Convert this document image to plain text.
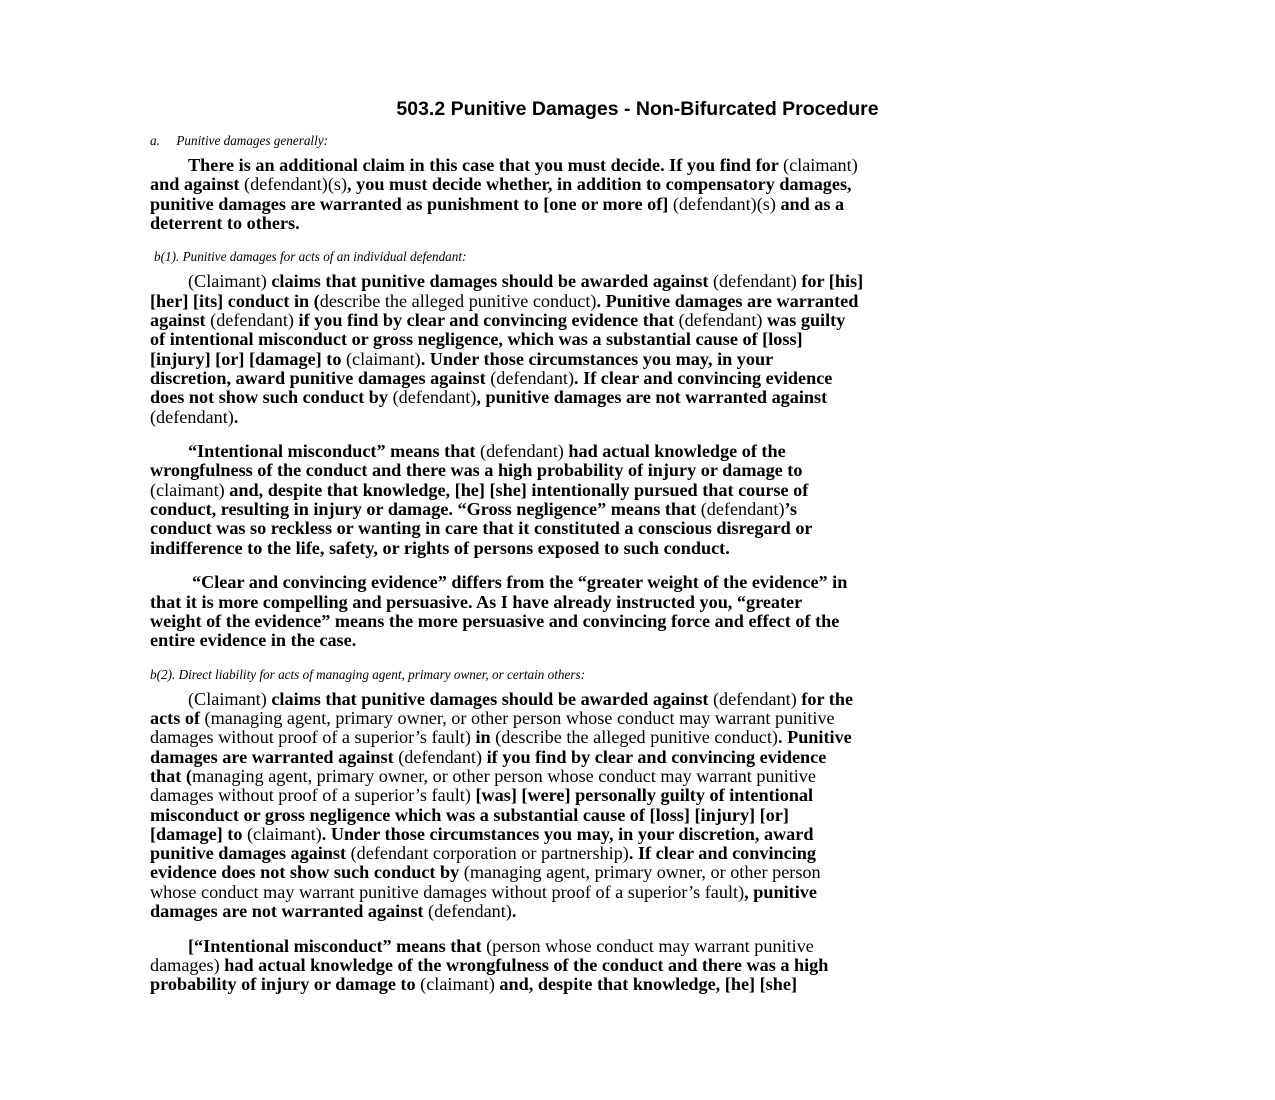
503.2 Punitive Damages - Non-Bifurcated Procedure
a.     Punitive damages generally:
There is an additional claim in this case that you must decide. If you find for (claimant)
and against (defendant)(s), you must decide whether, in addition to compensatory damages,
punitive damages are warranted as punishment to [one or more of] (defendant)(s) and as a
deterrent to others.
b(1). Punitive damages for acts of an individual defendant:
(Claimant) claims that punitive damages should be awarded against (defendant) for [his]
[her] [its] conduct in (describe the alleged punitive conduct). Punitive damages are warranted
against (defendant) if you find by clear and convincing evidence that (defendant) was guilty
of intentional misconduct or gross negligence, which was a substantial cause of [loss]
[injury] [or] [damage] to (claimant). Under those circumstances you may, in your
discretion, award punitive damages against (defendant). If clear and convincing evidence
does not show such conduct by (defendant), punitive damages are not warranted against
(defendant).
“Intentional misconduct” means that (defendant) had actual knowledge of the
wrongfulness of the conduct and there was a high probability of injury or damage to
(claimant) and, despite that knowledge, [he] [she] intentionally pursued that course of
conduct, resulting in injury or damage. “Gross negligence” means that (defendant)’s
conduct was so reckless or wanting in care that it constituted a conscious disregard or
indifference to the life, safety, or rights of persons exposed to such conduct.
“Clear and convincing evidence” differs from the “greater weight of the evidence” in
that it is more compelling and persuasive. As I have already instructed you, “greater
weight of the evidence” means the more persuasive and convincing force and effect of the
entire evidence in the case.
b(2). Direct liability for acts of managing agent, primary owner, or certain others:
(Claimant) claims that punitive damages should be awarded against (defendant) for the
acts of (managing agent, primary owner, or other person whose conduct may warrant punitive
damages without proof of a superior’s fault) in (describe the alleged punitive conduct). Punitive
damages are warranted against (defendant) if you find by clear and convincing evidence
that (managing agent, primary owner, or other person whose conduct may warrant punitive
damages without proof of a superior’s fault) [was] [were] personally guilty of intentional
misconduct or gross negligence which was a substantial cause of [loss] [injury] [or]
[damage] to (claimant). Under those circumstances you may, in your discretion, award
punitive damages against (defendant corporation or partnership). If clear and convincing
evidence does not show such conduct by (managing agent, primary owner, or other person
whose conduct may warrant punitive damages without proof of a superior’s fault), punitive
damages are not warranted against (defendant).
[“Intentional misconduct” means that (person whose conduct may warrant punitive
damages) had actual knowledge of the wrongfulness of the conduct and there was a high
probability of injury or damage to (claimant) and, despite that knowledge, [he] [she]
